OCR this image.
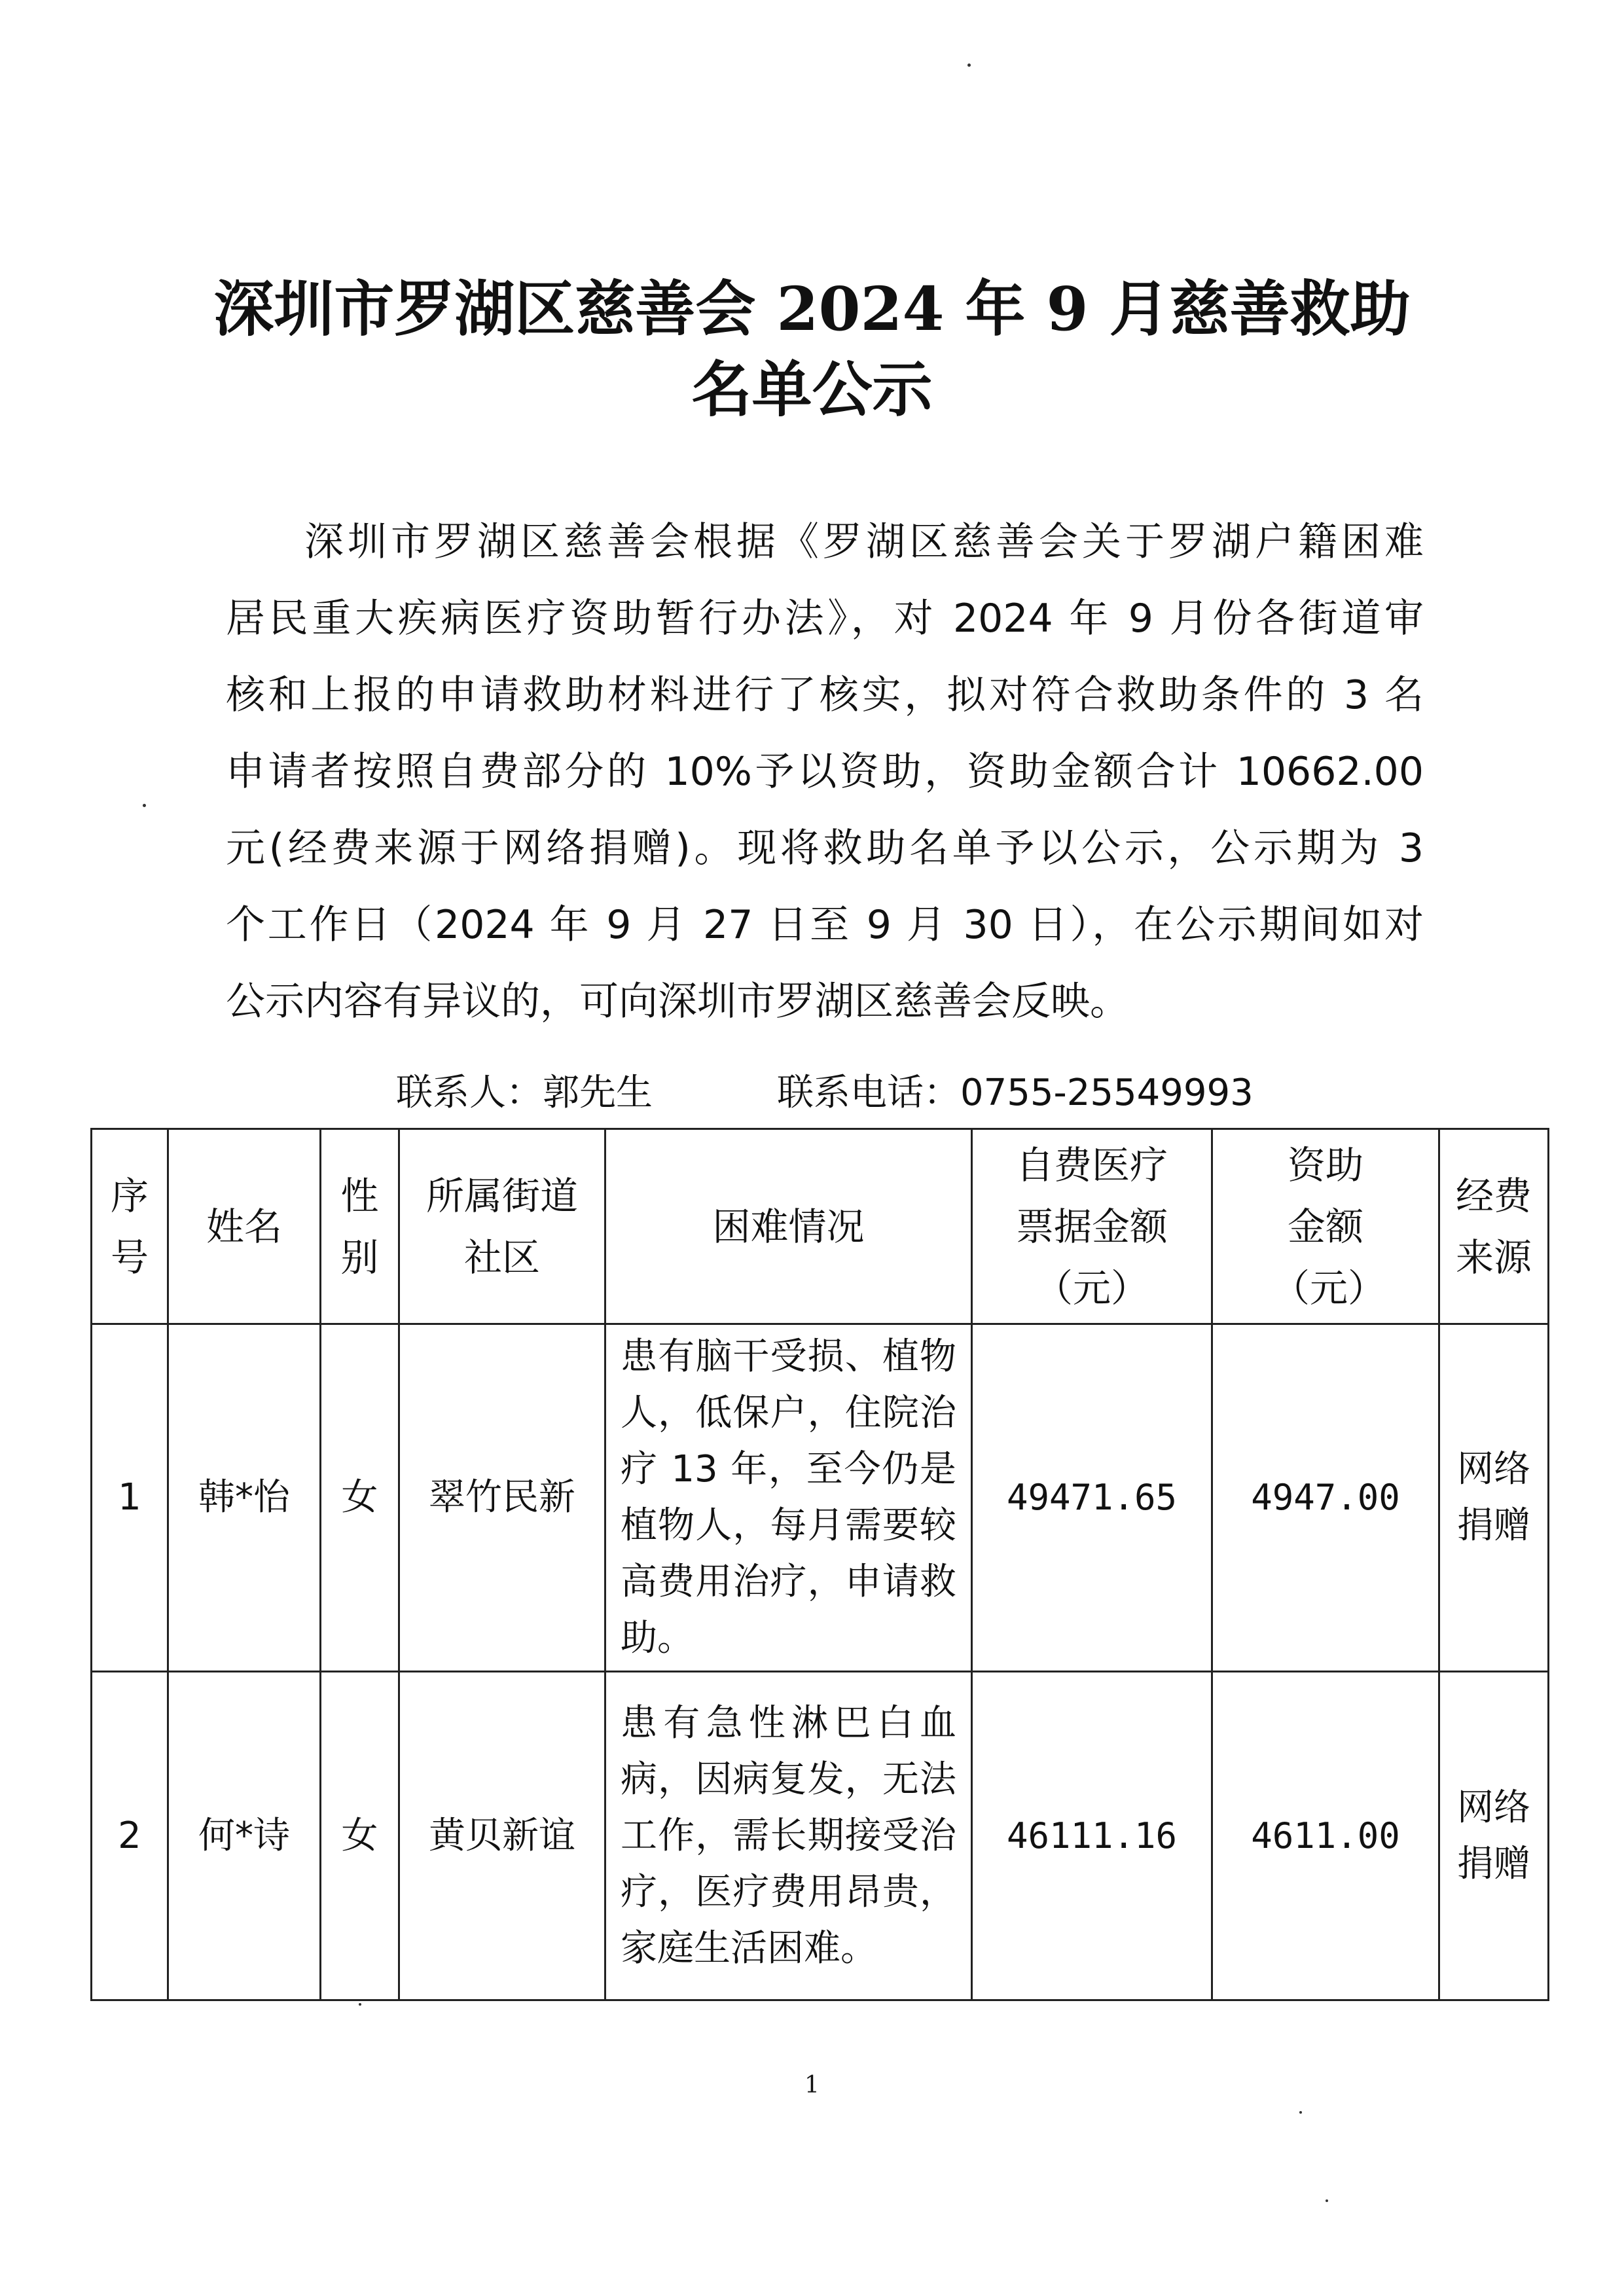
深圳市罗湖区慈善会 2024 年 9 月慈善救助
名单公示
深圳市罗湖区慈善会根据《罗湖区慈善会关于罗湖户籍困难
居民重大疾病医疗资助暂行办法》，对 2024 年 9 月份各街道审
核和上报的申请救助材料进行了核实，拟对符合救助条件的 3 名
申请者按照自费部分的 10%予以资助，资助金额合计 10662.00
元(经费来源于网络捐赠)。现将救助名单予以公示，公示期为 3
个工作日（2024 年 9 月 27 日至 9 月 30 日），在公示期间如对
公示内容有异议的，可向深圳市罗湖区慈善会反映。
联系人：郭先生	联系电话：0755-25549993
序号	姓名	性别	所属街道社区	困难情况	自费医疗票据金额（元）	资助金额（元）	经费来源
1	韩*怡	女	翠竹民新	患有脑干受损、植物人，低保户，住院治疗 13 年，至今仍是植物人，每月需要较高费用治疗，申请救助。	49471.65	4947.00	网络捐赠
2	何*诗	女	黄贝新谊	患有急性淋巴白血病，因病复发，无法工作，需长期接受治疗，医疗费用昂贵，家庭生活困难。	46111.16	4611.00	网络捐赠
1
